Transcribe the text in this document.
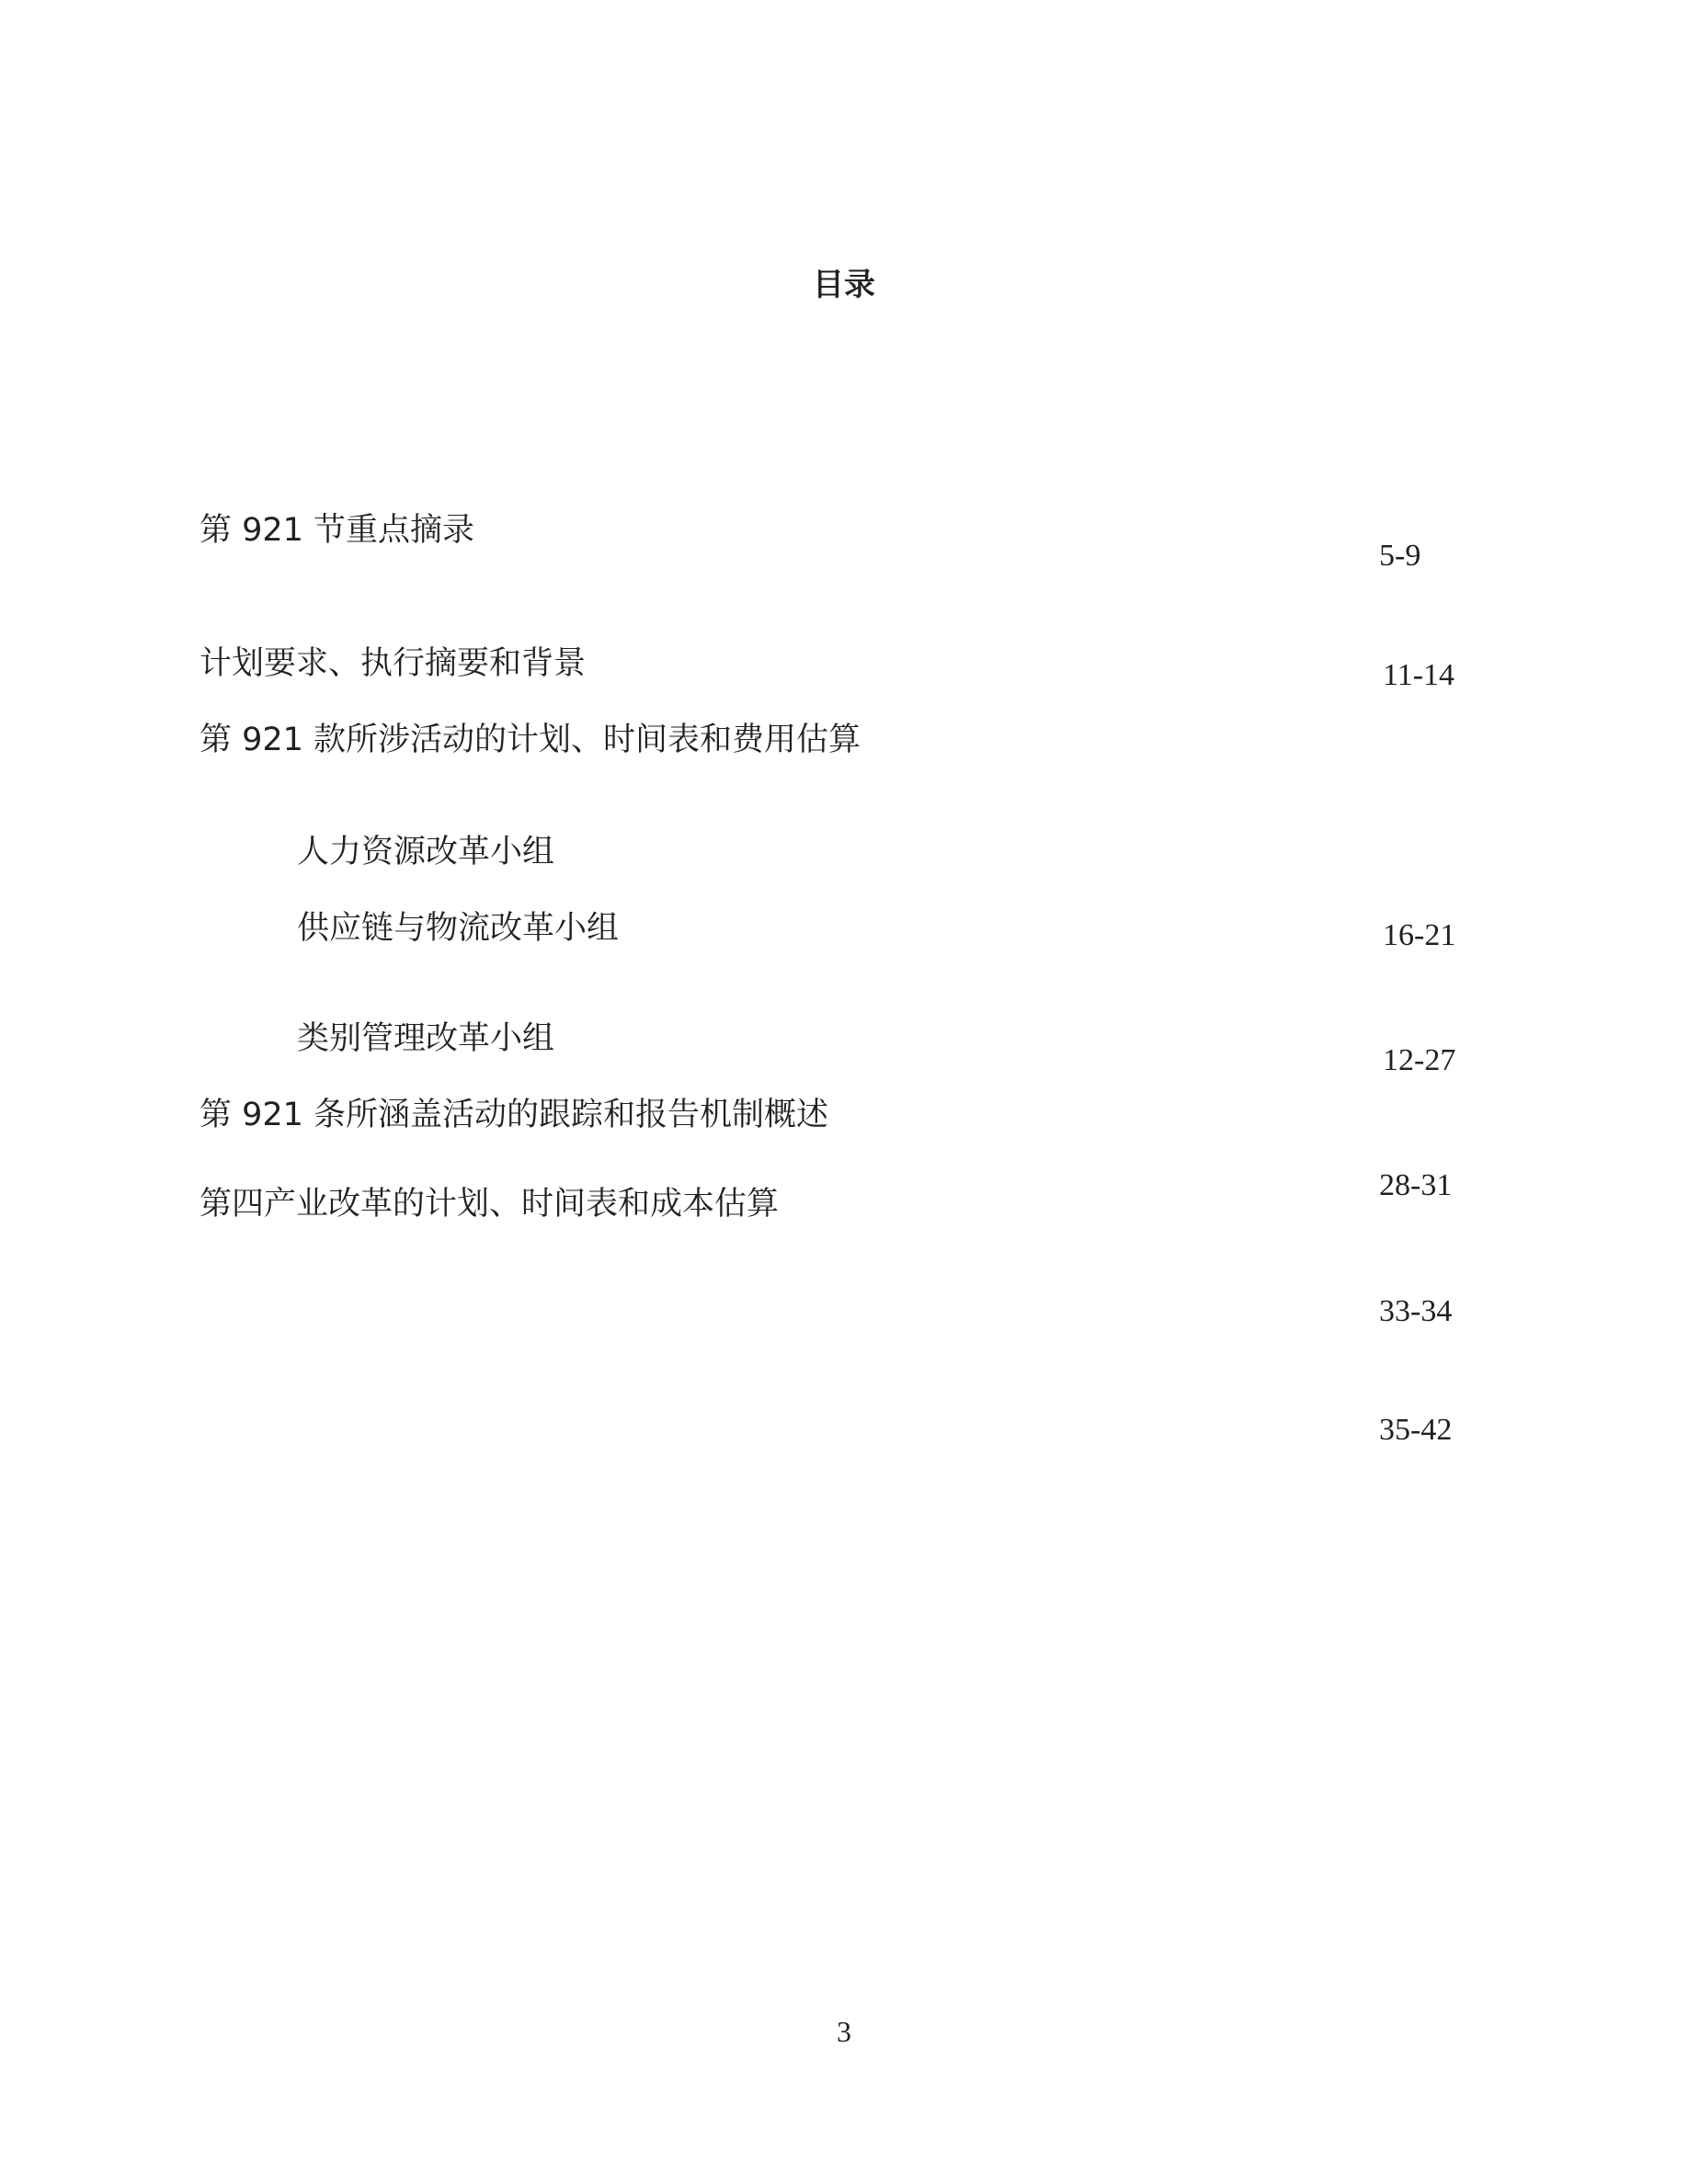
目录
第 921 节重点摘录
计划要求、执行摘要和背景
第 921 款所涉活动的计划、时间表和费用估算
人力资源改革小组
供应链与物流改革小组
类别管理改革小组
第 921 条所涵盖活动的跟踪和报告机制概述
第四产业改革的计划、时间表和成本估算
5-9
11-14
16-21
12-27
28-31
33-34
35-42
3
